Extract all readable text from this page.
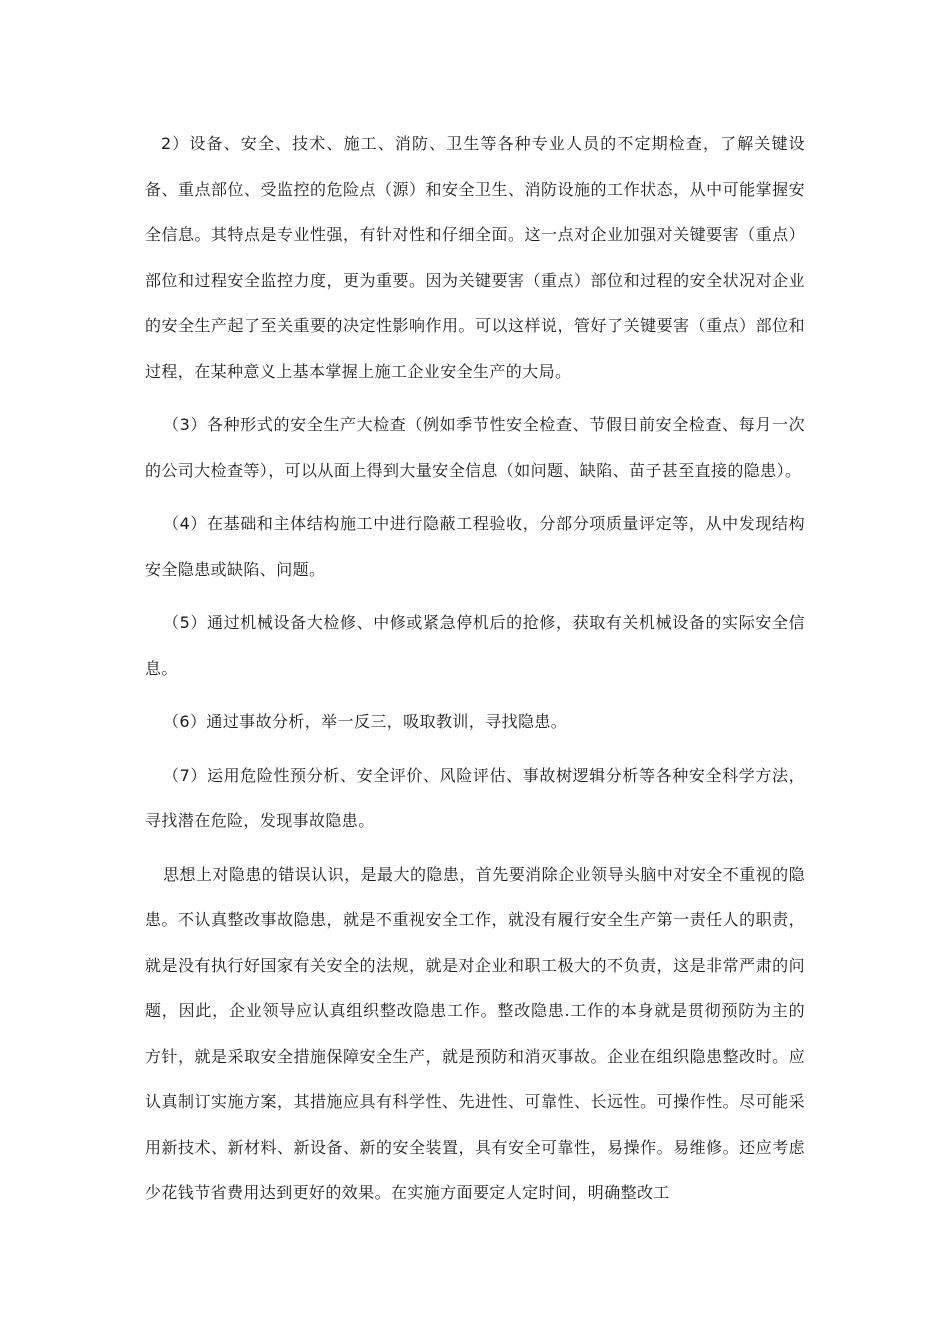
2）设备、安全、技术、施工、消防、卫生等各种专业人员的不定期检查，了解关键设备、重点部位、受监控的危险点（源）和安全卫生、消防设施的工作状态，从中可能掌握安全信息。其特点是专业性强，有针对性和仔细全面。这一点对企业加强对关键要害（重点）部位和过程安全监控力度，更为重要。因为关键要害（重点）部位和过程的安全状况对企业的安全生产起了至关重要的决定性影响作用。可以这样说，管好了关键要害（重点）部位和过程，在某种意义上基本掌握上施工企业安全生产的大局。

（3）各种形式的安全生产大检查（例如季节性安全检查、节假日前安全检查、每月一次的公司大检查等），可以从面上得到大量安全信息（如问题、缺陷、苗子甚至直接的隐患）。

（4）在基础和主体结构施工中进行隐蔽工程验收，分部分项质量评定等，从中发现结构安全隐患或缺陷、问题。

（5）通过机械设备大检修、中修或紧急停机后的抢修，获取有关机械设备的实际安全信息。

（6）通过事故分析，举一反三，吸取教训，寻找隐患。

（7）运用危险性预分析、安全评价、风险评估、事故树逻辑分析等各种安全科学方法，寻找潜在危险，发现事故隐患。

思想上对隐患的错误认识，是最大的隐患，首先要消除企业领导头脑中对安全不重视的隐患。不认真整改事故隐患，就是不重视安全工作，就没有履行安全生产第一责任人的职责，就是没有执行好国家有关安全的法规，就是对企业和职工极大的不负责，这是非常严肃的问题，因此，企业领导应认真组织整改隐患工作。整改隐患.工作的本身就是贯彻预防为主的方针，就是采取安全措施保障安全生产，就是预防和消灭事故。企业在组织隐患整改时。应认真制订实施方案，其措施应具有科学性、先进性、可靠性、长远性。可操作性。尽可能采用新技术、新材料、新设备、新的安全装置，具有安全可靠性，易操作。易维修。还应考虑少花钱节省费用达到更好的效果。在实施方面要定人定时间，明确整改工
